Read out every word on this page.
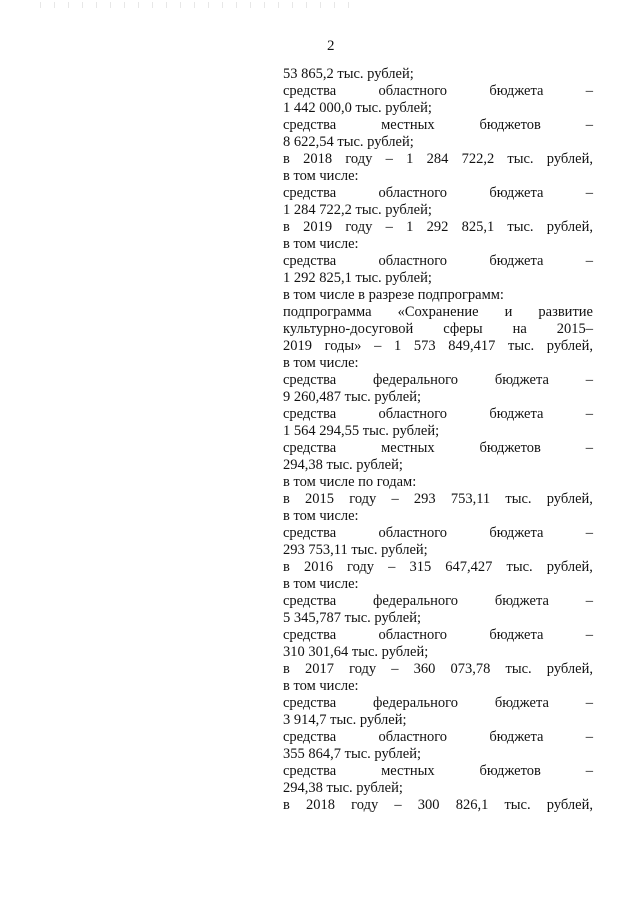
2
53 865,2 тыс. рублей;
средства	областного	бюджета	–
1 442 000,0 тыс. рублей;
средства	местных	бюджетов	–
8 622,54 тыс. рублей;
в 2018 году – 1 284 722,2 тыс. рублей,
в том числе:
средства	областного	бюджета	–
1 284 722,2 тыс. рублей;
в 2019 году – 1 292 825,1 тыс. рублей,
в том числе:
средства	областного	бюджета	–
1 292 825,1 тыс. рублей;
в том числе в разрезе подпрограмм:
подпрограмма «Сохранение и развитие
культурно-досуговой сферы на 2015–
2019 годы» – 1 573 849,417 тыс. рублей,
в том числе:
средства	федерального	бюджета	–
9 260,487 тыс. рублей;
средства	областного	бюджета	–
1 564 294,55 тыс. рублей;
средства	местных	бюджетов	–
294,38 тыс. рублей;
в том числе по годам:
в 2015 году – 293 753,11 тыс. рублей,
в том числе:
средства	областного	бюджета	–
293 753,11 тыс. рублей;
в 2016 году – 315 647,427 тыс. рублей,
в том числе:
средства	федерального	бюджета	–
5 345,787 тыс. рублей;
средства	областного	бюджета	–
310 301,64 тыс. рублей;
в 2017 году – 360 073,78 тыс. рублей,
в том числе:
средства	федерального	бюджета	–
3 914,7 тыс. рублей;
средства	областного	бюджета	–
355 864,7 тыс. рублей;
средства	местных	бюджетов	–
294,38 тыс. рублей;
в 2018 году – 300 826,1 тыс. рублей,
